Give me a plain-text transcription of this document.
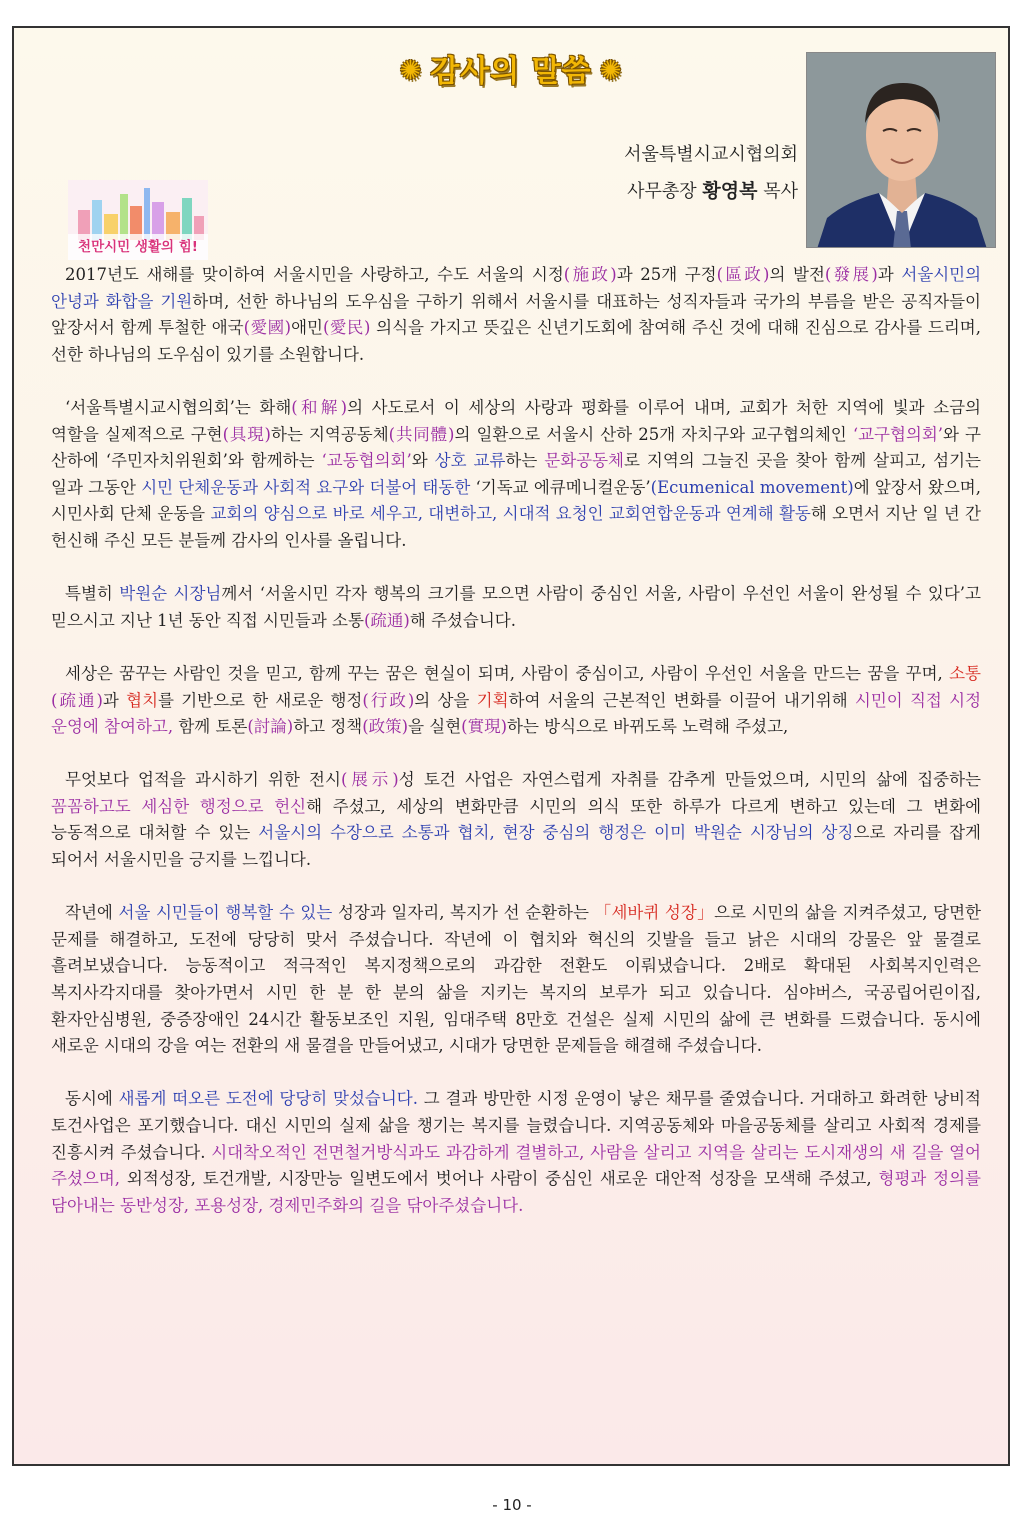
✺ 감사의 말씀 ✺
서울특별시교시협의회
사무총장 황영복 목사
천만시민 생활의 힘!

2017년도 새해를 맞이하여 서울시민을 사랑하고, 수도 서울의 시정(施政)과 25개 구정(區政)의 발전(發展)과 서울시민의 안녕과 화합을 기원하며, 선한 하나님의 도우심을 구하기 위해서 서울시를 대표하는 성직자들과 국가의 부름을 받은 공직자들이 앞장서서 함께 투철한 애국(愛國)애민(愛民) 의식을 가지고 뜻깊은 신년기도회에 참여해 주신 것에 대해 진심으로 감사를 드리며, 선한 하나님의 도우심이 있기를 소원합니다.

‘서울특별시교시협의회’는 화해(和解)의 사도로서 이 세상의 사랑과 평화를 이루어 내며, 교회가 처한 지역에 빛과 소금의 역할을 실제적으로 구현(具現)하는 지역공동체(共同體)의 일환으로 서울시 산하 25개 자치구와 교구협의체인 ‘교구협의회’와 구 산하에 ‘주민자치위원회’와 함께하는 ‘교동협의회’와 상호 교류하는 문화공동체로 지역의 그늘진 곳을 찾아 함께 살피고, 섬기는 일과 그동안 시민 단체운동과 사회적 요구와 더불어 태동한 ‘기독교 에큐메니컬운동’(Ecumenical movement)에 앞장서 왔으며, 시민사회 단체 운동을 교회의 양심으로 바로 세우고, 대변하고, 시대적 요청인 교회연합운동과 연계해 활동해 오면서 지난 일 년 간 헌신해 주신 모든 분들께 감사의 인사를 올립니다.

특별히 박원순 시장님께서 ‘서울시민 각자 행복의 크기를 모으면 사람이 중심인 서울, 사람이 우선인 서울이 완성될 수 있다’고 믿으시고 지난 1년 동안 직접 시민들과 소통(疏通)해 주셨습니다.

세상은 꿈꾸는 사람인 것을 믿고, 함께 꾸는 꿈은 현실이 되며, 사람이 중심이고, 사람이 우선인 서울을 만드는 꿈을 꾸며, 소통(疏通)과 협치를 기반으로 한 새로운 행정(行政)의 상을 기획하여 서울의 근본적인 변화를 이끌어 내기위해 시민이 직접 시정 운영에 참여하고, 함께 토론(討論)하고 정책(政策)을 실현(實現)하는 방식으로 바뀌도록 노력해 주셨고,

무엇보다 업적을 과시하기 위한 전시(展示)성 토건 사업은 자연스럽게 자취를 감추게 만들었으며, 시민의 삶에 집중하는 꼼꼼하고도 세심한 행정으로 헌신해 주셨고, 세상의 변화만큼 시민의 의식 또한 하루가 다르게 변하고 있는데 그 변화에 능동적으로 대처할 수 있는 서울시의 수장으로 소통과 협치, 현장 중심의 행정은 이미 박원순 시장님의 상징으로 자리를 잡게 되어서 서울시민을 긍지를 느낍니다.

작년에 서울 시민들이 행복할 수 있는 성장과 일자리, 복지가 선 순환하는 「세바퀴 성장」으로 시민의 삶을 지켜주셨고, 당면한 문제를 해결하고, 도전에 당당히 맞서 주셨습니다. 작년에 이 협치와 혁신의 깃발을 들고 낡은 시대의 강물은 앞 물결로 흘려보냈습니다. 능동적이고 적극적인 복지정책으로의 과감한 전환도 이뤄냈습니다. 2배로 확대된 사회복지인력은 복지사각지대를 찾아가면서 시민 한 분 한 분의 삶을 지키는 복지의 보루가 되고 있습니다. 심야버스, 국공립어린이집, 환자안심병원, 중증장애인 24시간 활동보조인 지원, 임대주택 8만호 건설은 실제 시민의 삶에 큰 변화를 드렸습니다. 동시에 새로운 시대의 강을 여는 전환의 새 물결을 만들어냈고, 시대가 당면한 문제들을 해결해 주셨습니다.

동시에 새롭게 떠오른 도전에 당당히 맞섰습니다. 그 결과 방만한 시정 운영이 낳은 채무를 줄였습니다. 거대하고 화려한 낭비적 토건사업은 포기했습니다. 대신 시민의 실제 삶을 챙기는 복지를 늘렸습니다. 지역공동체와 마을공동체를 살리고 사회적 경제를 진흥시켜 주셨습니다. 시대착오적인 전면철거방식과도 과감하게 결별하고, 사람을 살리고 지역을 살리는 도시재생의 새 길을 열어 주셨으며, 외적성장, 토건개발, 시장만능 일변도에서 벗어나 사람이 중심인 새로운 대안적 성장을 모색해 주셨고, 형평과 정의를 담아내는 동반성장, 포용성장, 경제민주화의 길을 닦아주셨습니다.

- 10 -
